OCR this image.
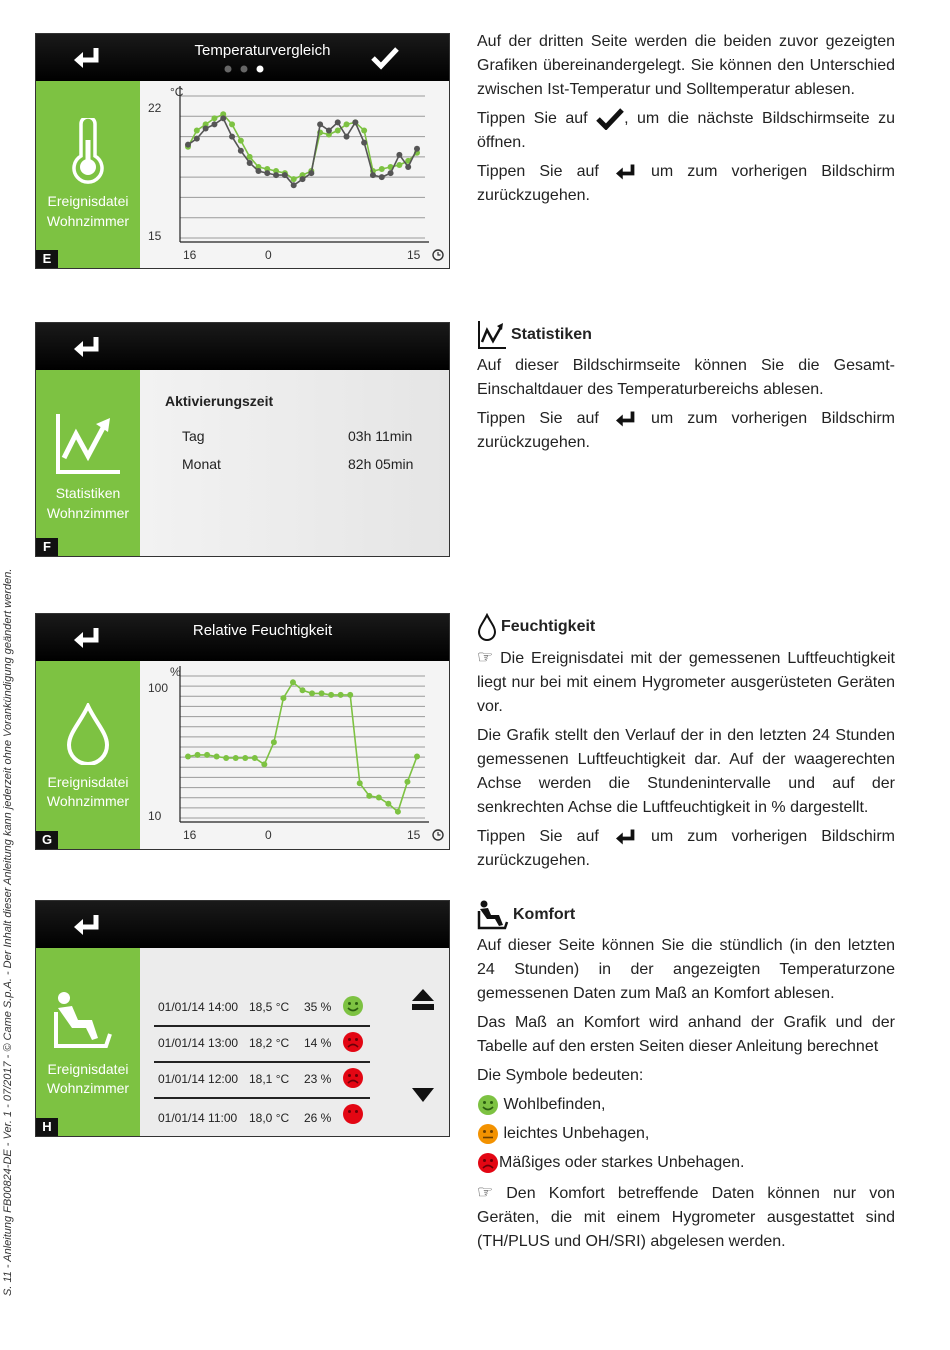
S. 11 - Anleitung FB00824-DE - Ver. 1 - 07/2017 - © Came S.p.A. - Der Inhalt dieser Anleitung kann jederzeit ohne Vorankündigung geändert werden.
Temperaturvergleich
Ereignisdatei
Wohnzimmer
E
°C
22
15
16	0	15
Statistiken
Wohnzimmer
F
Aktivierungszeit
Tag	03h 11min
Monat	82h 05min
Relative Feuchtigkeit
Ereignisdatei
Wohnzimmer
G
%
100
10
16	0	15
Ereignisdatei
Wohnzimmer
H
01/01/14 14:00 18,5 °C 35 %
01/01/14 13:00 18,2 °C 14 %
01/01/14 12:00 18,1 °C 23 %
01/01/14 11:00 18,0 °C 26 %

Auf der dritten Seite werden die beiden zuvor gezeigten Grafiken übereinandergelegt. Sie können den Unterschied zwischen Ist-Temperatur und Solltemperatur ablesen.

Tippen Sie auf , um die nächste Bildschirmseite zu öffnen.

Tippen Sie auf	um zum vorherigen Bildschirm zurückzugehen.

Statistiken

Auf dieser Bildschirmseite können Sie die Gesamt-Einschaltdauer des Temperaturbereichs ablesen.

Tippen Sie auf	um zum vorherigen Bildschirm zurückzugehen.

Feuchtigkeit

☞ Die Ereignisdatei mit der gemessenen Luftfeuchtigkeit liegt nur bei mit einem Hygrometer ausgerüsteten Geräten vor.

Die Grafik stellt den Verlauf der in den letzten 24 Stunden gemessenen Luftfeuchtigkeit dar. Auf der waagerechten Achse werden die Stundenintervalle und auf der senkrechten Achse die Luftfeuchtigkeit in % dargestellt.

Tippen Sie auf	um zum vorherigen Bildschirm zurückzugehen.

Komfort

Auf dieser Seite können Sie die stündlich (in den letzten 24 Stunden) in der angezeigten Temperaturzone gemessenen Daten zum Maß an Komfort ablesen.

Das Maß an Komfort wird anhand der Grafik und der Tabelle auf den ersten Seiten dieser Anleitung berechnet

Die Symbole bedeuten:

Wohlbefinden,

leichtes Unbehagen,

Mäßiges oder starkes Unbehagen.

☞ Den Komfort betreffende Daten können nur von Geräten, die mit einem Hygrometer ausgestattet sind (TH/PLUS und OH/SRI) abgelesen werden.
